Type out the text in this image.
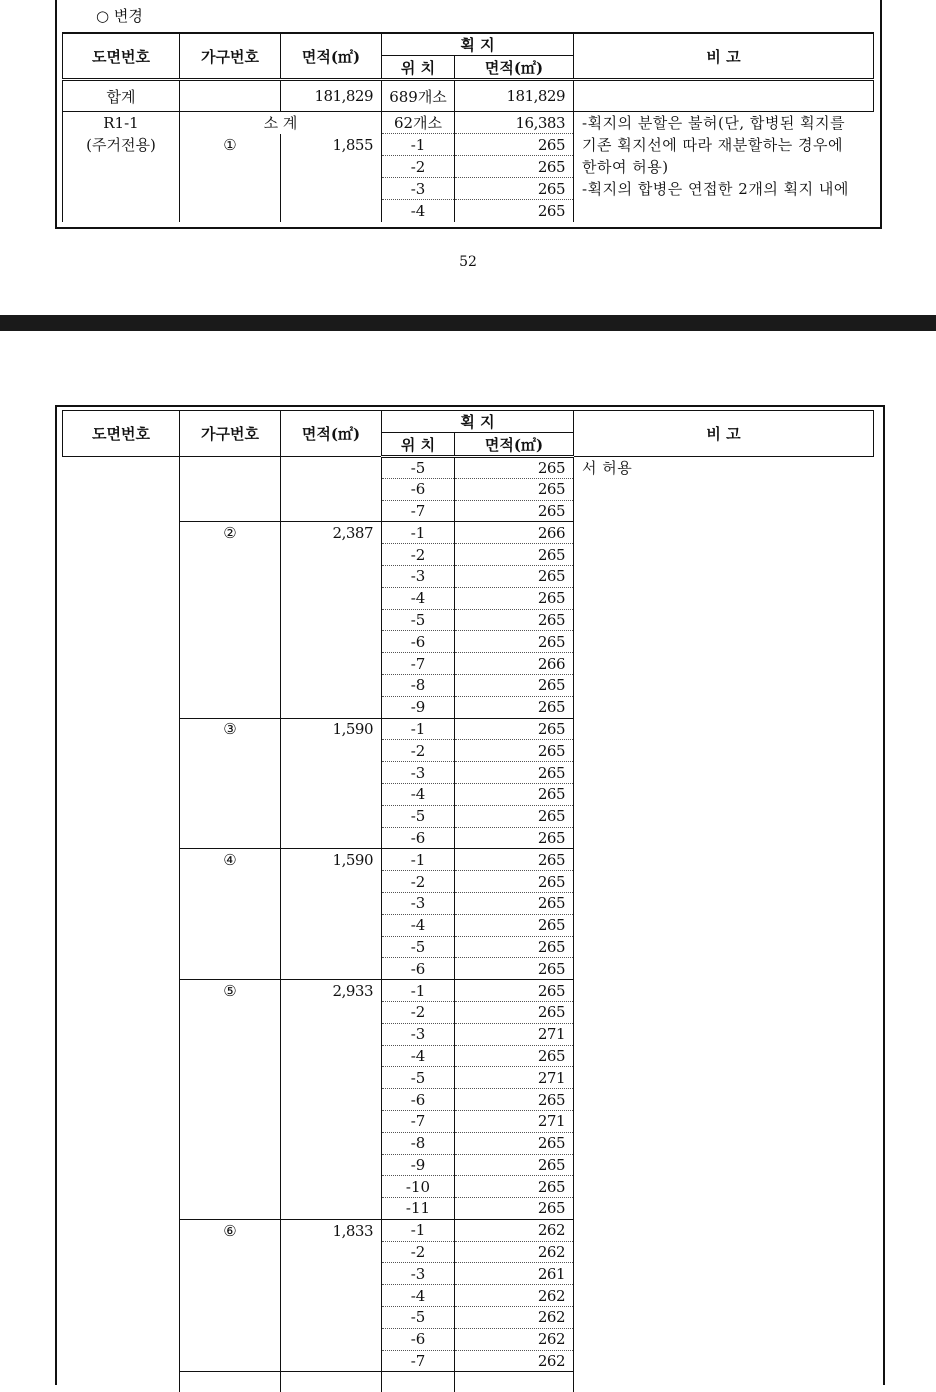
○ 변경
도면번호	가구번호	면적(㎡)	획 지		비 고
			위 치	면적(㎡)	
합계		181,829	689개소	181,829	
R1-1	소 계		62개소	16,383	-획지의 분할은 불허(단, 합병된 획지를
(주거전용)	①	1,855	-1	265	기존 획지선에 따라 재분할하는 경우에
			-2	265	한하여 허용)
			-3	265	-획지의 합병은 연접한 2개의 획지 내에
			-4	265	
52
도면번호	가구번호	면적(㎡)	획 지		비 고
			위 치	면적(㎡)	
			-5	265	서 허용
			-6	265	
			-7	265	
	②	2,387	-1	266	
			-2	265	
			-3	265	
			-4	265	
			-5	265	
			-6	265	
			-7	266	
			-8	265	
			-9	265	
	③	1,590	-1	265	
			-2	265	
			-3	265	
			-4	265	
			-5	265	
			-6	265	
	④	1,590	-1	265	
			-2	265	
			-3	265	
			-4	265	
			-5	265	
			-6	265	
	⑤	2,933	-1	265	
			-2	265	
			-3	271	
			-4	265	
			-5	271	
			-6	265	
			-7	271	
			-8	265	
			-9	265	
			-10	265	
			-11	265	
	⑥	1,833	-1	262	
			-2	262	
			-3	261	
			-4	262	
			-5	262	
			-6	262	
			-7	262	
